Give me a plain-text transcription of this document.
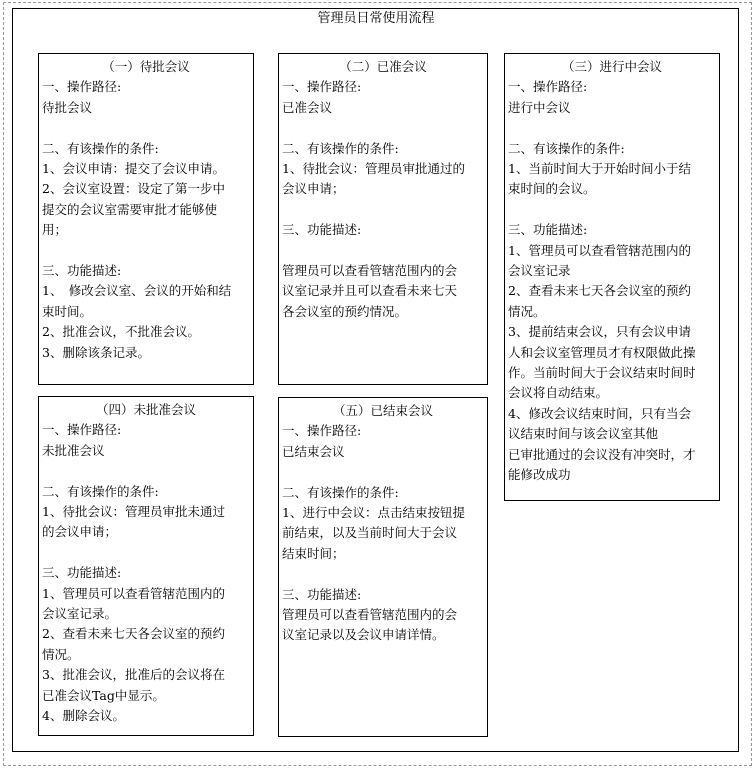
管理员日常使用流程
（一）待批会议
一、操作路径:
待批会议
二、有该操作的条件:
1、会议申请：提交了会议申请。
2、会议室设置：设定了第一步中
提交的会议室需要审批才能够使
用；
三、功能描述:
1、　修改会议室、会议的开始和结
束时间。
2、批准会议，不批准会议。
3、删除该条记录。
（二）已准会议
一、操作路径:
已准会议
二、有该操作的条件:
1、待批会议：管理员审批通过的
会议申请；
三、功能描述:
管理员可以查看管辖范围内的会
议室记录并且可以查看未来七天
各会议室的预约情况。
（三）进行中会议
一、操作路径:
进行中会议
二、有该操作的条件:
1、当前时间大于开始时间小于结
束时间的会议。
三、功能描述:
1、管理员可以查看管辖范围内的
会议室记录
2、查看未来七天各会议室的预约
情况。
3、提前结束会议，只有会议申请
人和会议室管理员才有权限做此操
作。当前时间大于会议结束时间时
会议将自动结束。
4、修改会议结束时间，只有当会
议结束时间与该会议室其他
已审批通过的会议没有冲突时，才
能修改成功
（四）未批准会议
一、操作路径:
未批准会议
二、有该操作的条件:
1、待批会议：管理员审批未通过
的会议申请；
三、功能描述:
1、管理员可以查看管辖范围内的
会议室记录。
2、查看未来七天各会议室的预约
情况。
3、批准会议，批准后的会议将在
已准会议Tag中显示。
4、删除会议。
（五）已结束会议
一、操作路径:
已结束会议
二、有该操作的条件:
1、进行中会议：点击结束按钮提
前结束，以及当前时间大于会议
结束时间；
三、功能描述:
管理员可以查看管辖范围内的会
议室记录以及会议申请详情。
